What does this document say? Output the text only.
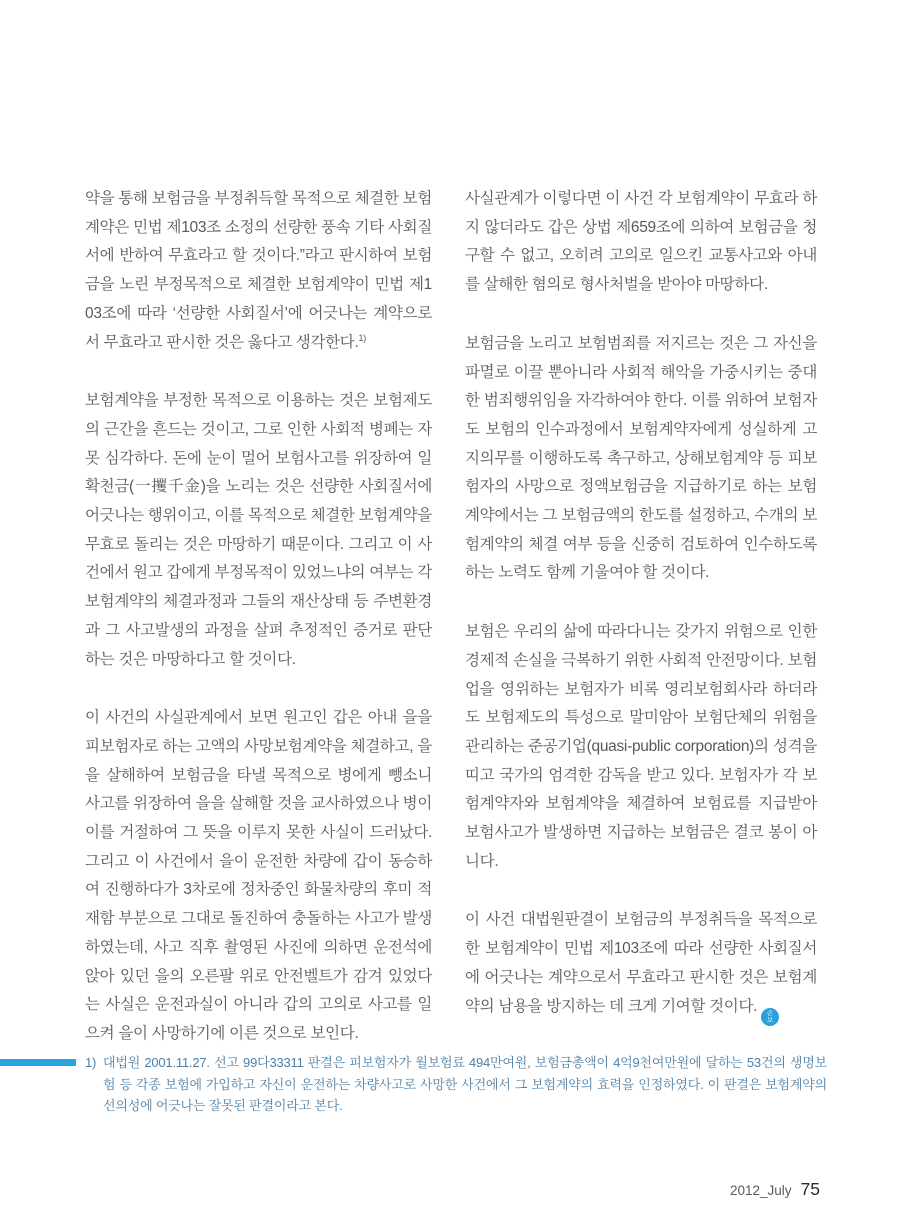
약을 통해 보험금을 부정취득할 목적으로 체결한 보험계약은 민법 제103조 소정의 선량한 풍속 기타 사회질서에 반하여 무효라고 할 것이다.”라고 판시하여 보험금을 노린 부정목적으로 체결한 보험계약이 민법 제103조에 따라 ‘선량한 사회질서’에 어긋나는 계약으로서 무효라고 판시한 것은 옳다고 생각한다.$^{1)}$

보험계약을 부정한 목적으로 이용하는 것은 보험제도의 근간을 흔드는 것이고, 그로 인한 사회적 병폐는 자못 심각하다. 돈에 눈이 멀어 보험사고를 위장하여 일확천금(一攫千金)을 노리는 것은 선량한 사회질서에 어긋나는 행위이고, 이를 목적으로 체결한 보험계약을 무효로 돌리는 것은 마땅하기 때문이다. 그리고 이 사건에서 원고 갑에게 부정목적이 있었느냐의 여부는 각 보험계약의 체결과정과 그들의 재산상태 등 주변환경과 그 사고발생의 과정을 살펴 추정적인 증거로 판단하는 것은 마땅하다고 할 것이다.

이 사건의 사실관계에서 보면 원고인 갑은 아내 을을 피보험자로 하는 고액의 사망보험계약을 체결하고, 을을 살해하여 보험금을 타낼 목적으로 병에게 뺑소니 사고를 위장하여 을을 살해할 것을 교사하였으나 병이 이를 거절하여 그 뜻을 이루지 못한 사실이 드러났다. 그리고 이 사건에서 을이 운전한 차량에 갑이 동승하여 진행하다가 3차로에 정차중인 화물차량의 후미 적재함 부분으로 그대로 돌진하여 충돌하는 사고가 발생하였는데, 사고 직후 촬영된 사진에 의하면 운전석에 앉아 있던 을의 오른팔 위로 안전벨트가 감겨 있었다는 사실은 운전과실이 아니라 갑의 고의로 사고를 일으켜 을이 사망하기에 이른 것으로 보인다.

사실관계가 이렇다면 이 사건 각 보험계약이 무효라 하지 않더라도 갑은 상법 제659조에 의하여 보험금을 청구할 수 없고, 오히려 고의로 일으킨 교통사고와 아내를 살해한 혐의로 형사처벌을 받아야 마땅하다.

보험금을 노리고 보험범죄를 저지르는 것은 그 자신을 파멸로 이끌 뿐아니라 사회적 해악을 가중시키는 중대한 범죄행위임을 자각하여야 한다. 이를 위하여 보험자도 보험의 인수과정에서 보험계약자에게 성실하게 고지의무를 이행하도록 촉구하고, 상해보험계약 등 피보험자의 사망으로 정액보험금을 지급하기로 하는 보험계약에서는 그 보험금액의 한도를 설정하고, 수개의 보험계약의 체결 여부 등을 신중히 검토하여 인수하도록 하는 노력도 함께 기울여야 할 것이다.

보험은 우리의 삶에 따라다니는 갖가지 위험으로 인한 경제적 손실을 극복하기 위한 사회적 안전망이다. 보험업을 영위하는 보험자가 비록 영리보험회사라 하더라도 보험제도의 특성으로 말미암아 보험단체의 위험을 관리하는 준공기업(quasi-public corporation)의 성격을 띠고 국가의 엄격한 감독을 받고 있다. 보험자가 각 보험계약자와 보험계약을 체결하여 보험료를 지급받아 보험사고가 발생하면 지급하는 보험금은 결코 봉이 아니다.

이 사건 대법원판결이 보험금의 부정취득을 목적으로 한 보험계약이 민법 제103조에 따라 선량한 사회질서에 어긋나는 계약으로서 무효라고 판시한 것은 보험계약의 남용을 방지하는 데 크게 기여할 것이다. 손
보

1) 대법원 2001.11.27. 선고 99다33311 판결은 피보험자가 월보험료 494만여원, 보험금총액이 4억9천여만원에 달하는 53건의 생명보험 등 각종 보험에 가입하고 자신이 운전하는 차량사고로 사망한 사건에서 그 보험계약의 효력을 인정하였다. 이 판결은 보험계약의 선의성에 어긋나는 잘못된 판결이라고 본다.
2012_July 75
